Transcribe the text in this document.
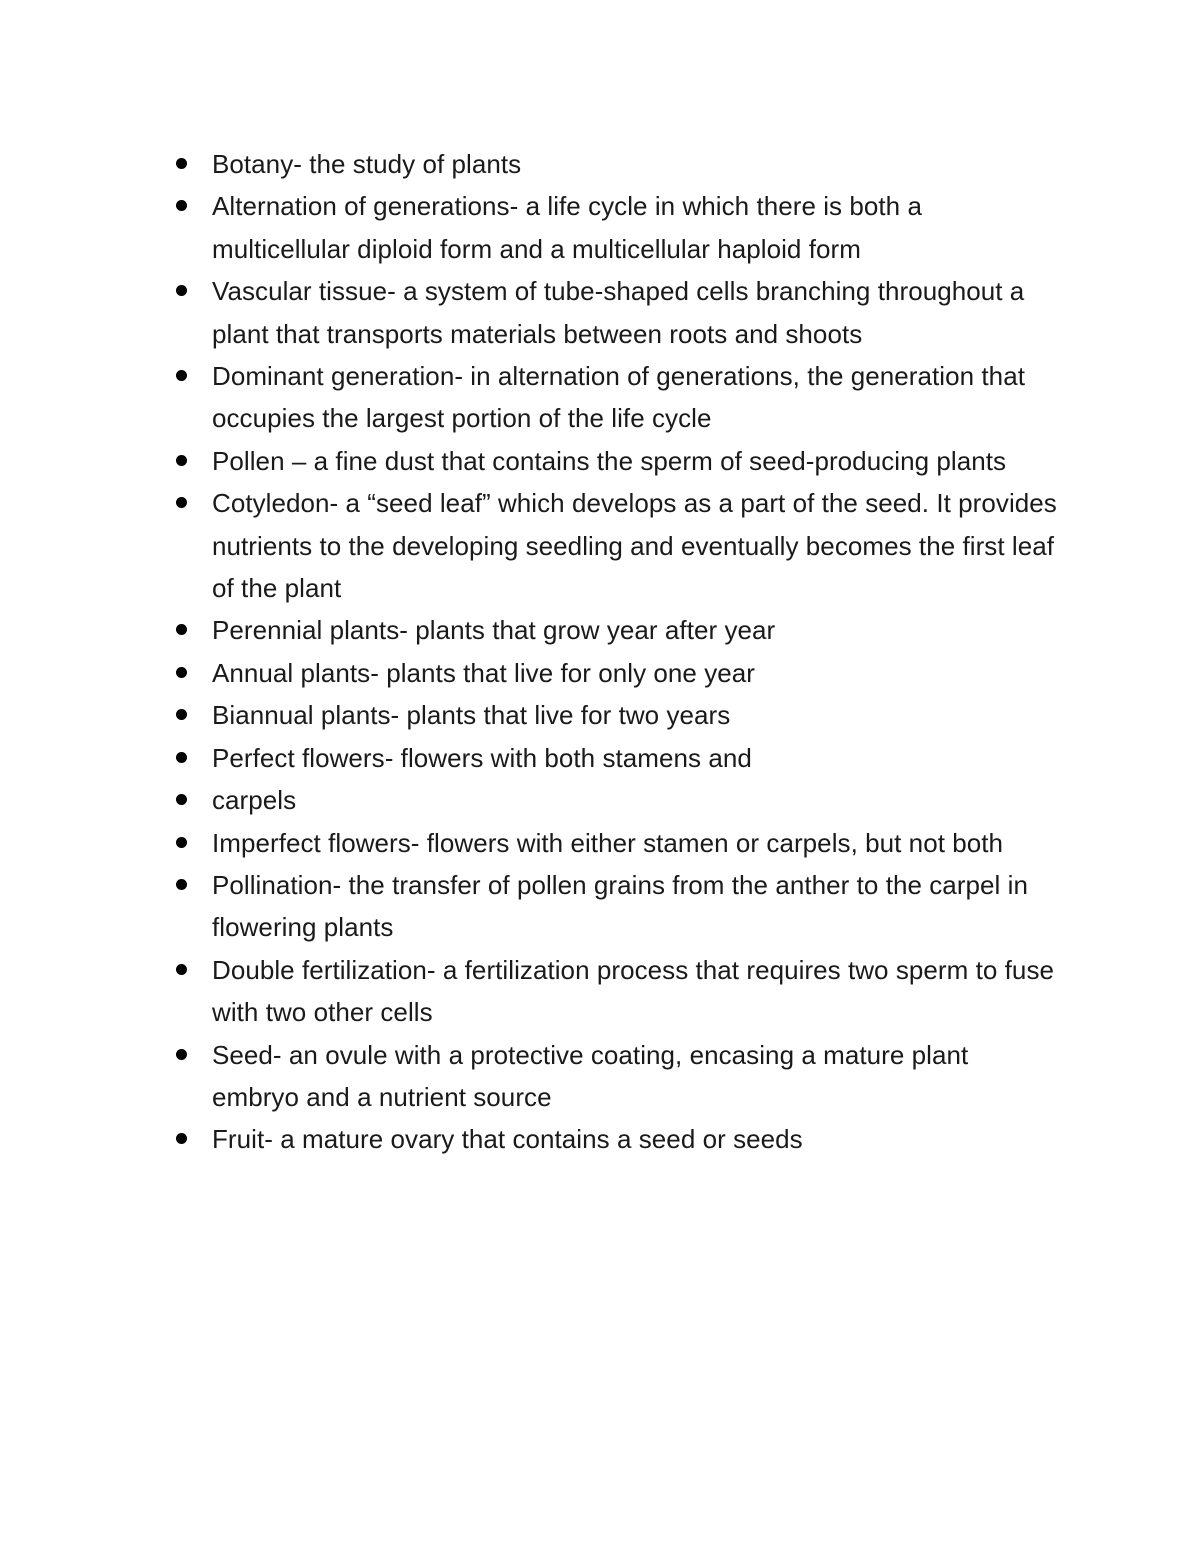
Botany- the study of plants
Alternation of generations- a life cycle in which there is both a multicellular diploid form and a multicellular haploid form
Vascular tissue- a system of tube-shaped cells branching throughout a plant that transports materials between roots and shoots
Dominant generation- in alternation of generations, the generation that occupies the largest portion of the life cycle
Pollen – a fine dust that contains the sperm of seed-producing plants
Cotyledon- a “seed leaf” which develops as a part of the seed. It provides nutrients to the developing seedling and eventually becomes the first leaf of the plant
Perennial plants- plants that grow year after year
Annual plants- plants that live for only one year
Biannual plants- plants that live for two years
Perfect flowers- flowers with both stamens and
carpels
Imperfect flowers- flowers with either stamen or carpels, but not both
Pollination- the transfer of pollen grains from the anther to the carpel in flowering plants
Double fertilization- a fertilization process that requires two sperm to fuse with two other cells
Seed- an ovule with a protective coating, encasing a mature plant embryo and a nutrient source
Fruit- a mature ovary that contains a seed or seeds
